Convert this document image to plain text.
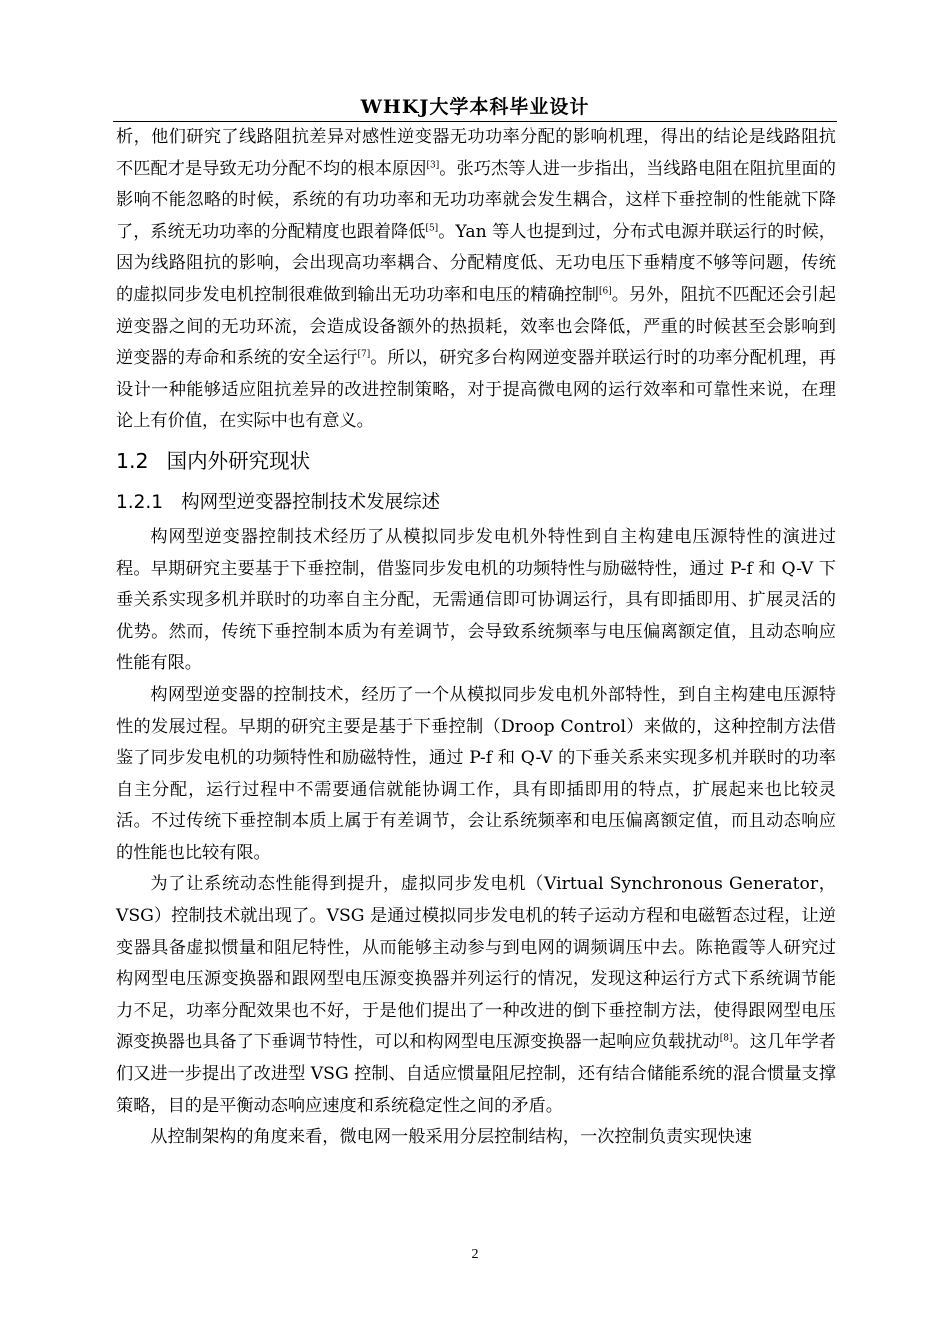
WHKJ大学本科毕业设计

析，他们研究了线路阻抗差异对感性逆变器无功功率分配的影响机理，得出的结论是线路阻抗不匹配才是导致无功分配不均的根本原因[3]。张巧杰等人进一步指出，当线路电阻在阻抗里面的影响不能忽略的时候，系统的有功功率和无功功率就会发生耦合，这样下垂控制的性能就下降了，系统无功功率的分配精度也跟着降低[5]。Yan 等人也提到过，分布式电源并联运行的时候，因为线路阻抗的影响，会出现高功率耦合、分配精度低、无功电压下垂精度不够等问题，传统的虚拟同步发电机控制很难做到输出无功功率和电压的精确控制[6]。另外，阻抗不匹配还会引起逆变器之间的无功环流，会造成设备额外的热损耗，效率也会降低，严重的时候甚至会影响到逆变器的寿命和系统的安全运行[7]。所以，研究多台构网逆变器并联运行时的功率分配机理，再设计一种能够适应阻抗差异的改进控制策略，对于提高微电网的运行效率和可靠性来说，在理论上有价值，在实际中也有意义。

1.2 国内外研究现状
1.2.1 构网型逆变器控制技术发展综述

构网型逆变器控制技术经历了从模拟同步发电机外特性到自主构建电压源特性的演进过程。早期研究主要基于下垂控制，借鉴同步发电机的功频特性与励磁特性，通过 P-f 和 Q-V 下垂关系实现多机并联时的功率自主分配，无需通信即可协调运行，具有即插即用、扩展灵活的优势。然而，传统下垂控制本质为有差调节，会导致系统频率与电压偏离额定值，且动态响应性能有限。

构网型逆变器的控制技术，经历了一个从模拟同步发电机外部特性，到自主构建电压源特性的发展过程。早期的研究主要是基于下垂控制（Droop Control）来做的，这种控制方法借鉴了同步发电机的功频特性和励磁特性，通过 P-f 和 Q-V 的下垂关系来实现多机并联时的功率自主分配，运行过程中不需要通信就能协调工作，具有即插即用的特点，扩展起来也比较灵活。不过传统下垂控制本质上属于有差调节，会让系统频率和电压偏离额定值，而且动态响应的性能也比较有限。

为了让系统动态性能得到提升，虚拟同步发电机（Virtual Synchronous Generator，VSG）控制技术就出现了。VSG 是通过模拟同步发电机的转子运动方程和电磁暂态过程，让逆变器具备虚拟惯量和阻尼特性，从而能够主动参与到电网的调频调压中去。陈艳霞等人研究过构网型电压源变换器和跟网型电压源变换器并列运行的情况，发现这种运行方式下系统调节能力不足，功率分配效果也不好，于是他们提出了一种改进的倒下垂控制方法，使得跟网型电压源变换器也具备了下垂调节特性，可以和构网型电压源变换器一起响应负载扰动[8]。这几年学者们又进一步提出了改进型 VSG 控制、自适应惯量阻尼控制，还有结合储能系统的混合惯量支撑策略，目的是平衡动态响应速度和系统稳定性之间的矛盾。

从控制架构的角度来看，微电网一般采用分层控制结构，一次控制负责实现快速

2
